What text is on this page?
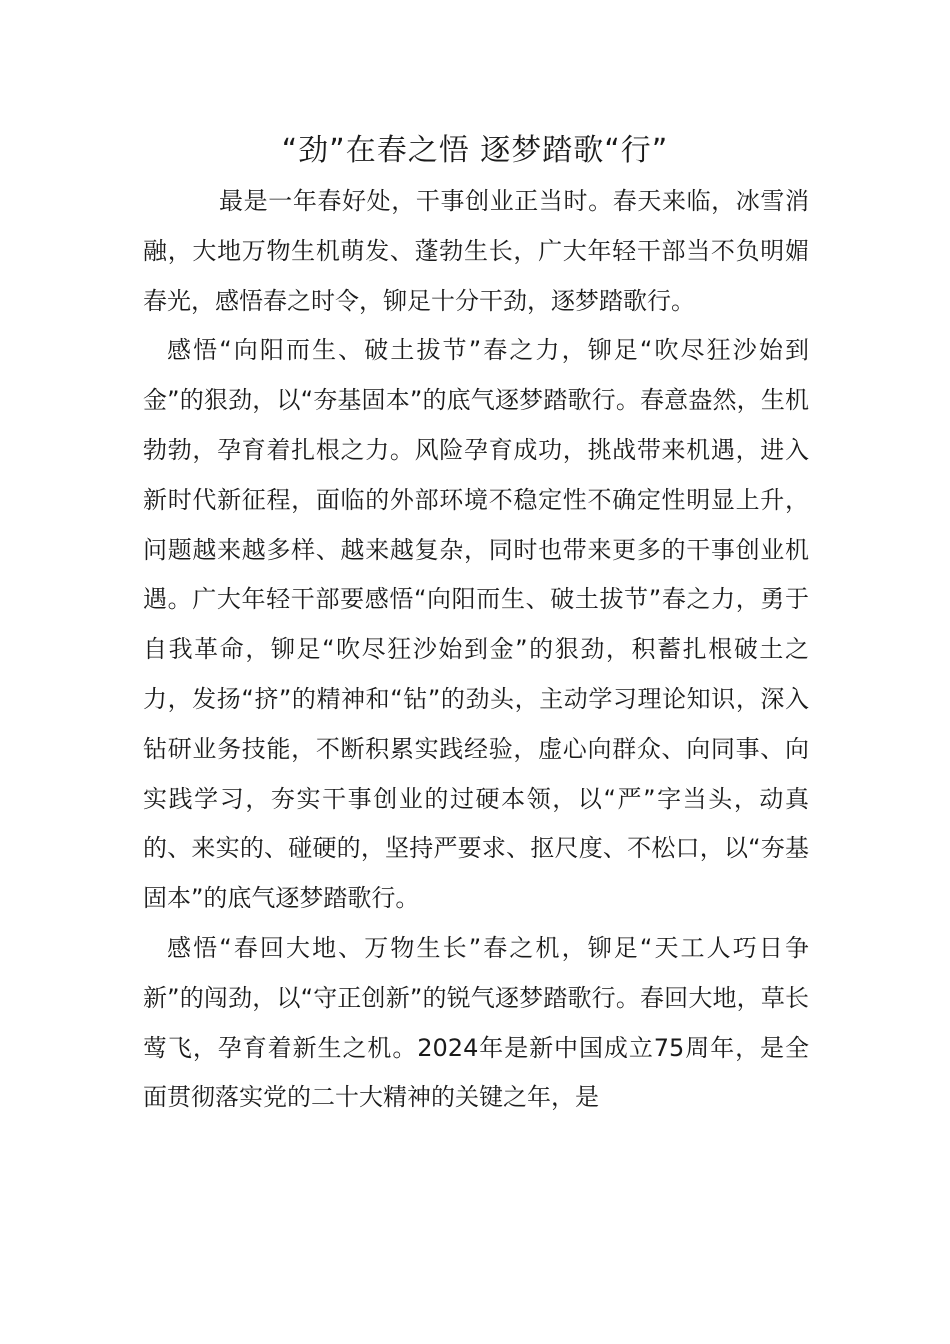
“劲”在春之悟 逐梦踏歌“行”

最是一年春好处，干事创业正当时。春天来临，冰雪消融，大地万物生机萌发、蓬勃生长，广大年轻干部当不负明媚春光，感悟春之时令，铆足十分干劲，逐梦踏歌行。

感悟“向阳而生、破土拔节”春之力，铆足“吹尽狂沙始到金”的狠劲，以“夯基固本”的底气逐梦踏歌行。春意盎然，生机勃勃，孕育着扎根之力。风险孕育成功，挑战带来机遇，进入新时代新征程，面临的外部环境不稳定性不确定性明显上升，问题越来越多样、越来越复杂，同时也带来更多的干事创业机遇。广大年轻干部要感悟“向阳而生、破土拔节”春之力，勇于自我革命，铆足“吹尽狂沙始到金”的狠劲，积蓄扎根破土之力，发扬“挤”的精神和“钻”的劲头，主动学习理论知识，深入钻研业务技能，不断积累实践经验，虚心向群众、向同事、向实践学习，夯实干事创业的过硬本领，以“严”字当头，动真的、来实的、碰硬的，坚持严要求、抠尺度、不松口，以“夯基固本”的底气逐梦踏歌行。

感悟“春回大地、万物生长”春之机，铆足“天工人巧日争新”的闯劲，以“守正创新”的锐气逐梦踏歌行。春回大地，草长莺飞，孕育着新生之机。2024年是新中国成立75周年，是全面贯彻落实党的二十大精神的关键之年，是
